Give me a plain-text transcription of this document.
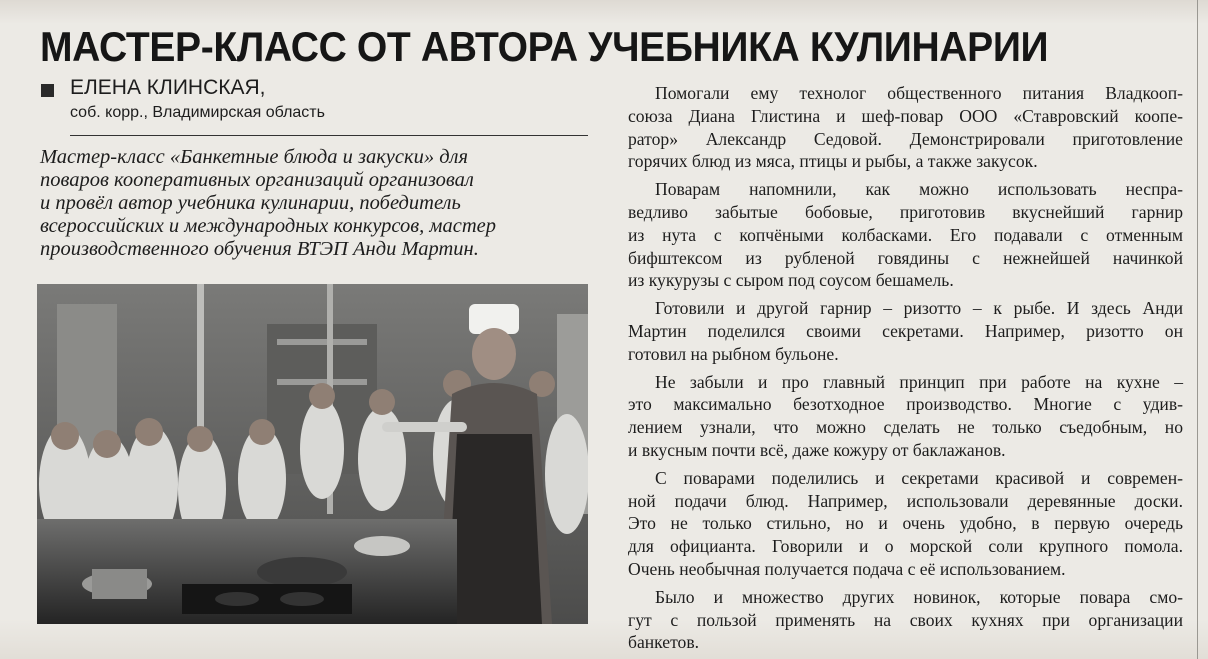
МАСТЕР-КЛАСС ОТ АВТОРА УЧЕБНИКА КУЛИНАРИИ
ЕЛЕНА КЛИНСКАЯ,
соб. корр., Владимирская область
Мастер-класс «Банкетные блюда и закуски» для
поваров кооперативных организаций организовал
и провёл автор учебника кулинарии, победитель
всероссийских и международных конкурсов, мастер
производственного обучения ВТЭП Анди Мартин.

Помогали ему технолог общественного питания Владкооп-
союза Диана Глистина и шеф-повар ООО «Ставровский коопе-
ратор» Александр Седовой. Демонстрировали приготовление
горячих блюд из мяса, птицы и рыбы, а также закусок.

Поварам напомнили, как можно использовать неспра-
ведливо забытые бобовые, приготовив вкуснейший гарнир
из нута с копчёными колбасками. Его подавали с отменным
бифштексом из рубленой говядины с нежнейшей начинкой
из кукурузы с сыром под соусом бешамель.

Готовили и другой гарнир – ризотто – к рыбе. И здесь Анди
Мартин поделился своими секретами. Например, ризотто он
готовил на рыбном бульоне.

Не забыли и про главный принцип при работе на кухне –
это максимально безотходное производство. Многие с удив-
лением узнали, что можно сделать не только съедобным, но
и вкусным почти всё, даже кожуру от баклажанов.

С поварами поделились и секретами красивой и современ-
ной подачи блюд. Например, использовали деревянные доски.
Это не только стильно, но и очень удобно, в первую очередь
для официанта. Говорили и о морской соли крупного помола.
Очень необычная получается подача с её использованием.

Было и множество других новинок, которые повара смо-
гут с пользой применять на своих кухнях при организации
банкетов.
